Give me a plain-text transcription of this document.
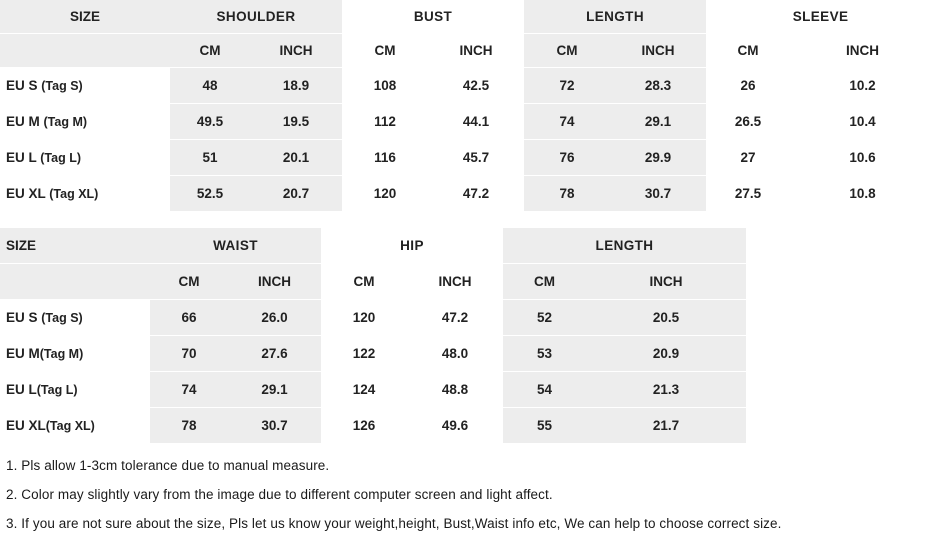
SIZE	SHOULDER		BUST		LENGTH		SLEEVE	
	CM	INCH	CM	INCH	CM	INCH	CM	INCH
EU S (Tag S)	48	18.9	108	42.5	72	28.3	26	10.2
EU M (Tag M)	49.5	19.5	112	44.1	74	29.1	26.5	10.4
EU L (Tag L)	51	20.1	116	45.7	76	29.9	27	10.6
EU XL (Tag XL)	52.5	20.7	120	47.2	78	30.7	27.5	10.8

SIZE	WAIST		HIP		LENGTH		
	CM	INCH	CM	INCH	CM	INCH	
EU S (Tag S)	66	26.0	120	47.2	52	20.5	
EU M(Tag M)	70	27.6	122	48.0	53	20.9	
EU L(Tag L)	74	29.1	124	48.8	54	21.3	
EU XL(Tag XL)	78	30.7	126	49.6	55	21.7	

1. Pls allow 1-3cm tolerance due to manual measure.

2. Color may slightly vary from the image due to different computer screen and light affect.

3. If you are not sure about the size, Pls let us know your weight,height, Bust,Waist info etc, We can help to choose correct size.
